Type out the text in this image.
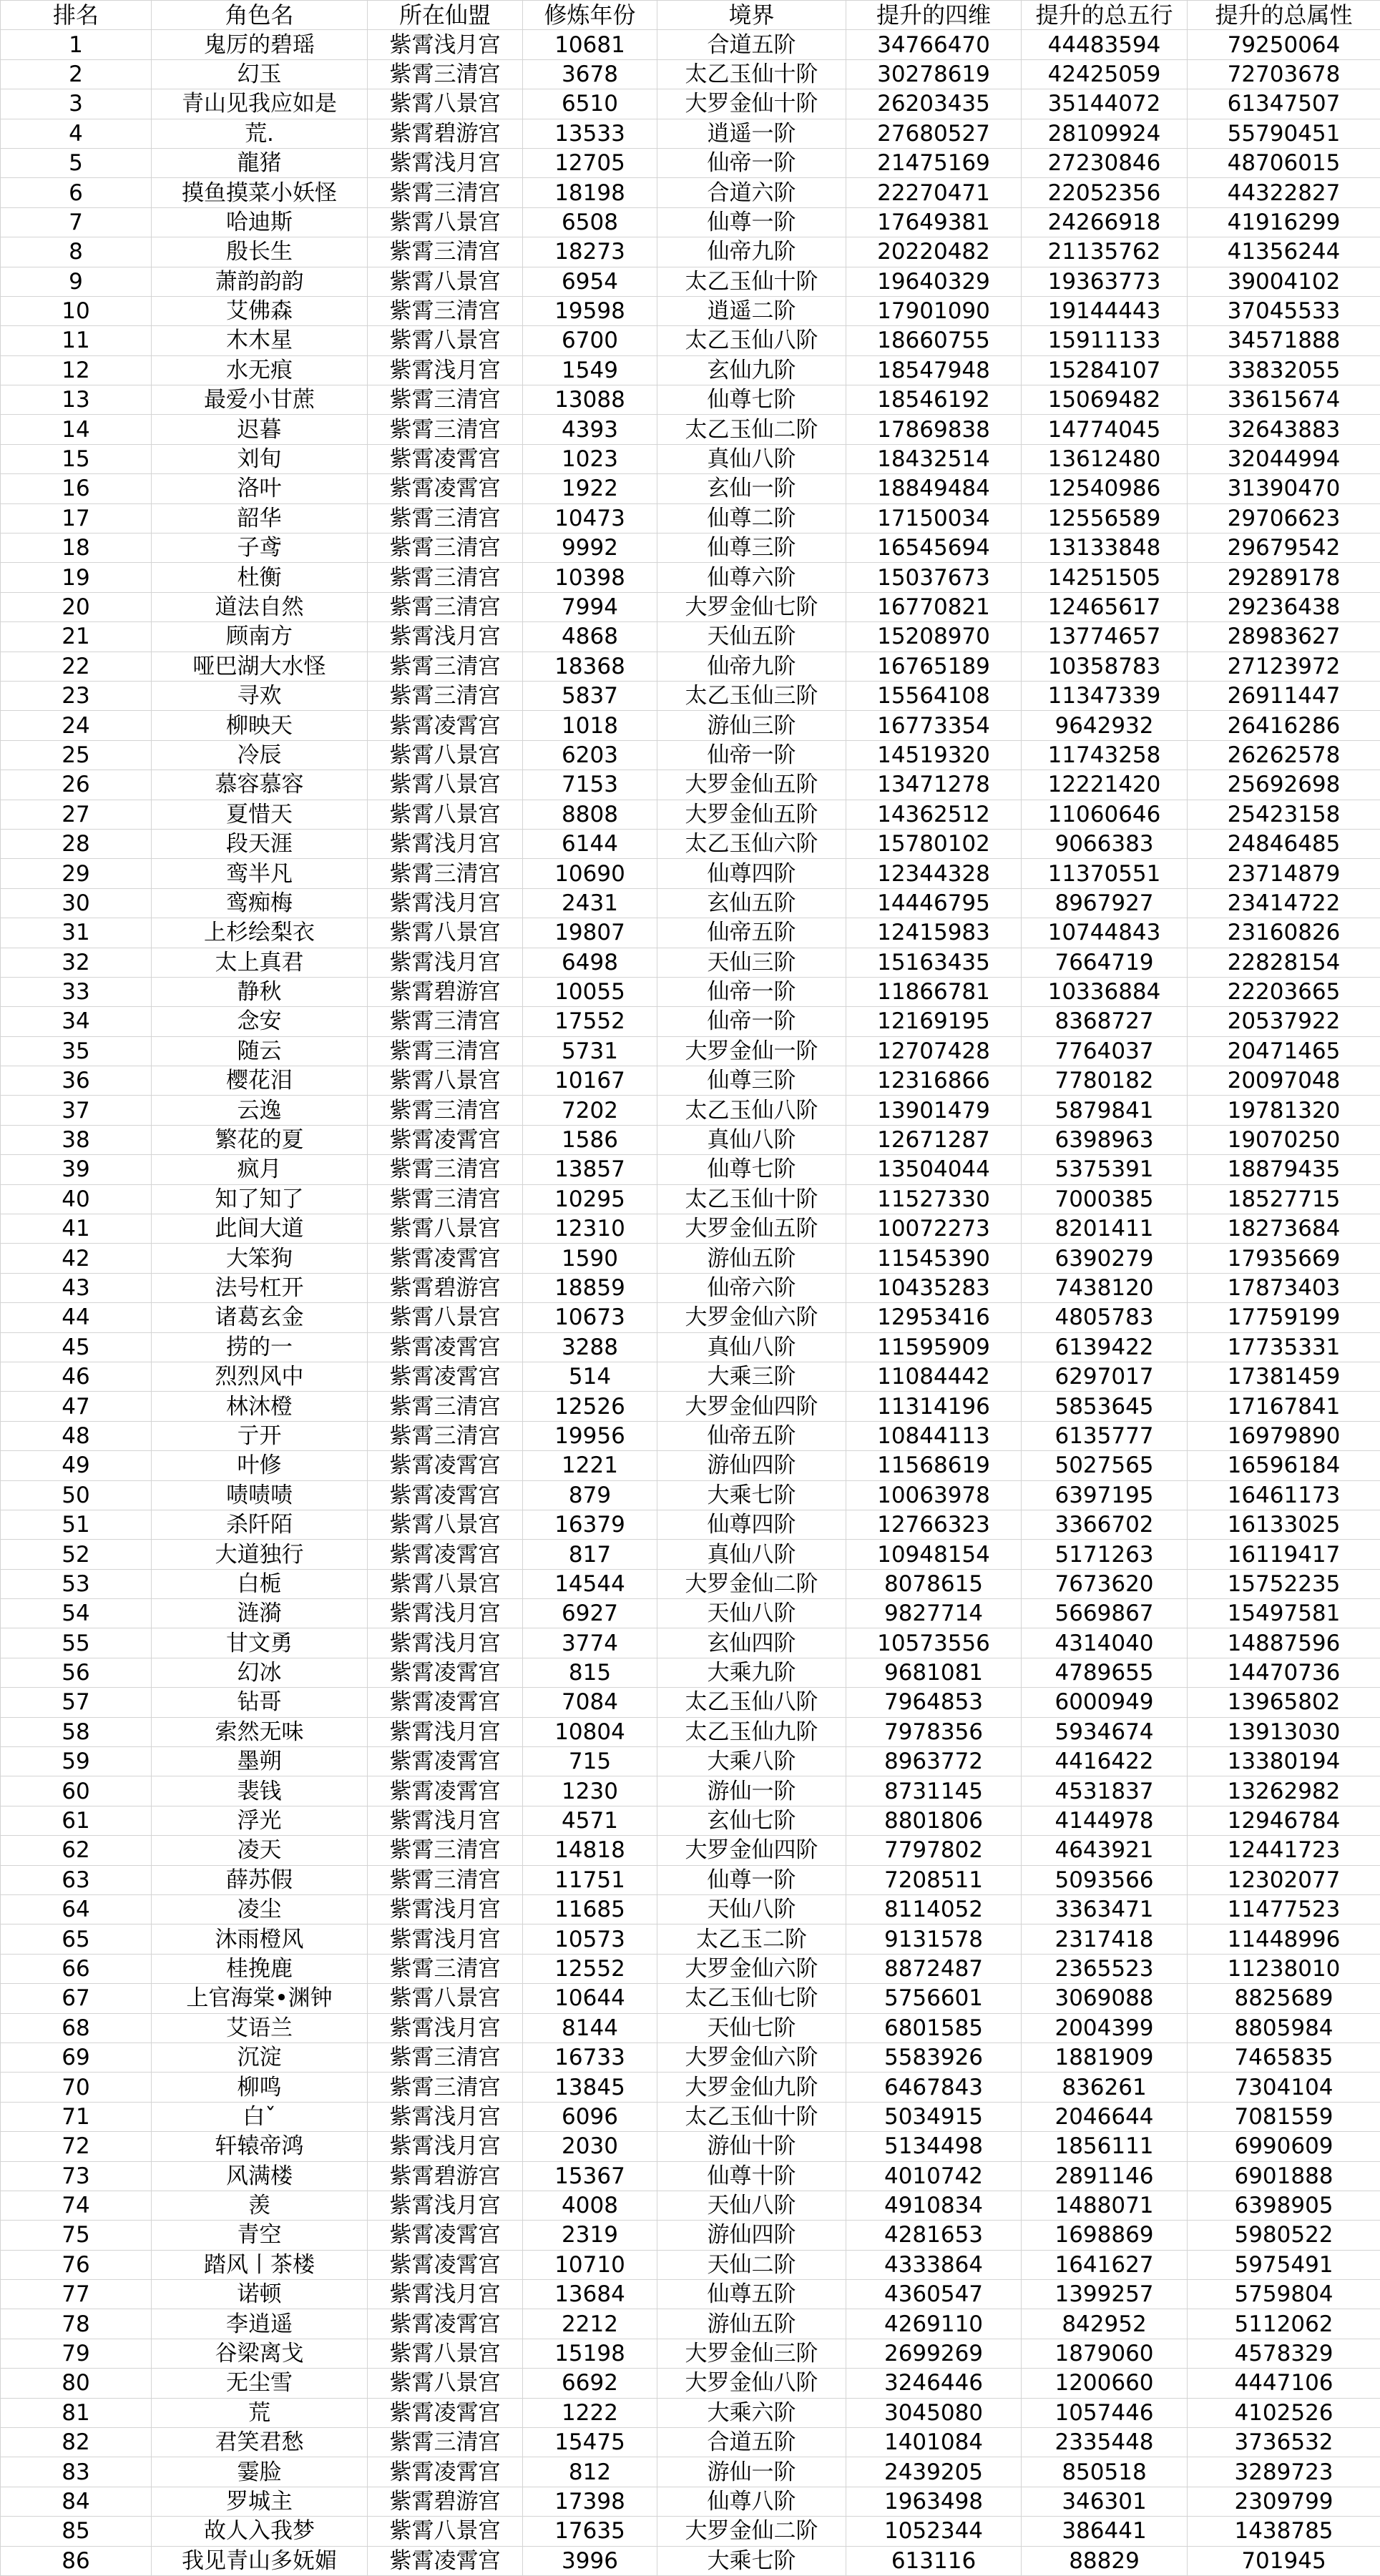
排名	角色名	所在仙盟	修炼年份	境界	提升的四维	提升的总五行	提升的总属性
1	鬼厉的碧瑶	紫霄浅月宫	10681	合道五阶	34766470	44483594	79250064
2	幻玉	紫霄三清宫	3678	太乙玉仙十阶	30278619	42425059	72703678
3	青山见我应如是	紫霄八景宫	6510	大罗金仙十阶	26203435	35144072	61347507
4	荒.	紫霄碧游宫	13533	逍遥一阶	27680527	28109924	55790451
5	龍猪	紫霄浅月宫	12705	仙帝一阶	21475169	27230846	48706015
6	摸鱼摸菜小妖怪	紫霄三清宫	18198	合道六阶	22270471	22052356	44322827
7	哈迪斯	紫霄八景宫	6508	仙尊一阶	17649381	24266918	41916299
8	殷长生	紫霄三清宫	18273	仙帝九阶	20220482	21135762	41356244
9	萧韵韵韵	紫霄八景宫	6954	太乙玉仙十阶	19640329	19363773	39004102
10	艾佛森	紫霄三清宫	19598	逍遥二阶	17901090	19144443	37045533
11	木木星	紫霄八景宫	6700	太乙玉仙八阶	18660755	15911133	34571888
12	水无痕	紫霄浅月宫	1549	玄仙九阶	18547948	15284107	33832055
13	最爱小甘蔗	紫霄三清宫	13088	仙尊七阶	18546192	15069482	33615674
14	迟暮	紫霄三清宫	4393	太乙玉仙二阶	17869838	14774045	32643883
15	刘旬	紫霄凌霄宫	1023	真仙八阶	18432514	13612480	32044994
16	洛叶	紫霄凌霄宫	1922	玄仙一阶	18849484	12540986	31390470
17	韶华	紫霄三清宫	10473	仙尊二阶	17150034	12556589	29706623
18	子鸢	紫霄三清宫	9992	仙尊三阶	16545694	13133848	29679542
19	杜衡	紫霄三清宫	10398	仙尊六阶	15037673	14251505	29289178
20	道法自然	紫霄三清宫	7994	大罗金仙七阶	16770821	12465617	29236438
21	顾南方	紫霄浅月宫	4868	天仙五阶	15208970	13774657	28983627
22	哑巴湖大水怪	紫霄三清宫	18368	仙帝九阶	16765189	10358783	27123972
23	寻欢	紫霄三清宫	5837	太乙玉仙三阶	15564108	11347339	26911447
24	柳映天	紫霄凌霄宫	1018	游仙三阶	16773354	9642932	26416286
25	冷辰	紫霄八景宫	6203	仙帝一阶	14519320	11743258	26262578
26	慕容慕容	紫霄八景宫	7153	大罗金仙五阶	13471278	12221420	25692698
27	夏惜天	紫霄八景宫	8808	大罗金仙五阶	14362512	11060646	25423158
28	段天涯	紫霄浅月宫	6144	太乙玉仙六阶	15780102	9066383	24846485
29	鸾半凡	紫霄三清宫	10690	仙尊四阶	12344328	11370551	23714879
30	鸾痴梅	紫霄浅月宫	2431	玄仙五阶	14446795	8967927	23414722
31	上杉绘梨衣	紫霄八景宫	19807	仙帝五阶	12415983	10744843	23160826
32	太上真君	紫霄浅月宫	6498	天仙三阶	15163435	7664719	22828154
33	静秋	紫霄碧游宫	10055	仙帝一阶	11866781	10336884	22203665
34	念安	紫霄三清宫	17552	仙帝一阶	12169195	8368727	20537922
35	随云	紫霄三清宫	5731	大罗金仙一阶	12707428	7764037	20471465
36	樱花泪	紫霄八景宫	10167	仙尊三阶	12316866	7780182	20097048
37	云逸	紫霄三清宫	7202	太乙玉仙八阶	13901479	5879841	19781320
38	繁花的夏	紫霄凌霄宫	1586	真仙八阶	12671287	6398963	19070250
39	疯月	紫霄三清宫	13857	仙尊七阶	13504044	5375391	18879435
40	知了知了	紫霄三清宫	10295	太乙玉仙十阶	11527330	7000385	18527715
41	此间大道	紫霄八景宫	12310	大罗金仙五阶	10072273	8201411	18273684
42	大笨狗	紫霄凌霄宫	1590	游仙五阶	11545390	6390279	17935669
43	法号杠开	紫霄碧游宫	18859	仙帝六阶	10435283	7438120	17873403
44	诸葛玄金	紫霄八景宫	10673	大罗金仙六阶	12953416	4805783	17759199
45	捞的一	紫霄凌霄宫	3288	真仙八阶	11595909	6139422	17735331
46	烈烈风中	紫霄凌霄宫	514	大乘三阶	11084442	6297017	17381459
47	林沐橙	紫霄三清宫	12526	大罗金仙四阶	11314196	5853645	17167841
48	亍开	紫霄三清宫	19956	仙帝五阶	10844113	6135777	16979890
49	叶修	紫霄凌霄宫	1221	游仙四阶	11568619	5027565	16596184
50	啧啧啧	紫霄凌霄宫	879	大乘七阶	10063978	6397195	16461173
51	杀阡陌	紫霄八景宫	16379	仙尊四阶	12766323	3366702	16133025
52	大道独行	紫霄凌霄宫	817	真仙八阶	10948154	5171263	16119417
53	白栀	紫霄八景宫	14544	大罗金仙二阶	8078615	7673620	15752235
54	涟漪	紫霄浅月宫	6927	天仙八阶	9827714	5669867	15497581
55	甘文勇	紫霄浅月宫	3774	玄仙四阶	10573556	4314040	14887596
56	幻冰	紫霄凌霄宫	815	大乘九阶	9681081	4789655	14470736
57	钻哥	紫霄凌霄宫	7084	太乙玉仙八阶	7964853	6000949	13965802
58	索然无味	紫霄浅月宫	10804	太乙玉仙九阶	7978356	5934674	13913030
59	墨朔	紫霄凌霄宫	715	大乘八阶	8963772	4416422	13380194
60	裴钱	紫霄凌霄宫	1230	游仙一阶	8731145	4531837	13262982
61	浮光	紫霄浅月宫	4571	玄仙七阶	8801806	4144978	12946784
62	凌天	紫霄三清宫	14818	大罗金仙四阶	7797802	4643921	12441723
63	薛苏假	紫霄三清宫	11751	仙尊一阶	7208511	5093566	12302077
64	凌尘	紫霄浅月宫	11685	天仙八阶	8114052	3363471	11477523
65	沐雨橙风	紫霄浅月宫	10573	太乙玉二阶	9131578	2317418	11448996
66	桂挽鹿	紫霄三清宫	12552	大罗金仙六阶	8872487	2365523	11238010
67	上官海棠•渊钟	紫霄八景宫	10644	太乙玉仙七阶	5756601	3069088	8825689
68	艾语兰	紫霄浅月宫	8144	天仙七阶	6801585	2004399	8805984
69	沉淀	紫霄三清宫	16733	大罗金仙六阶	5583926	1881909	7465835
70	柳鸣	紫霄三清宫	13845	大罗金仙九阶	6467843	836261	7304104
71	白ˇ	紫霄浅月宫	6096	太乙玉仙十阶	5034915	2046644	7081559
72	轩辕帝鸿	紫霄浅月宫	2030	游仙十阶	5134498	1856111	6990609
73	风满楼	紫霄碧游宫	15367	仙尊十阶	4010742	2891146	6901888
74	羡	紫霄浅月宫	4008	天仙八阶	4910834	1488071	6398905
75	青空	紫霄凌霄宫	2319	游仙四阶	4281653	1698869	5980522
76	踏风丨茶楼	紫霄凌霄宫	10710	天仙二阶	4333864	1641627	5975491
77	诺顿	紫霄浅月宫	13684	仙尊五阶	4360547	1399257	5759804
78	李逍遥	紫霄凌霄宫	2212	游仙五阶	4269110	842952	5112062
79	谷梁离戈	紫霄八景宫	15198	大罗金仙三阶	2699269	1879060	4578329
80	无尘雪	紫霄八景宫	6692	大罗金仙八阶	3246446	1200660	4447106
81	荒	紫霄凌霄宫	1222	大乘六阶	3045080	1057446	4102526
82	君笑君愁	紫霄三清宫	15475	合道五阶	1401084	2335448	3736532
83	霎脸	紫霄凌霄宫	812	游仙一阶	2439205	850518	3289723
84	罗城主	紫霄碧游宫	17398	仙尊八阶	1963498	346301	2309799
85	故人入我梦	紫霄八景宫	17635	大罗金仙二阶	1052344	386441	1438785
86	我见青山多妩媚	紫霄凌霄宫	3996	大乘七阶	613116	88829	701945
